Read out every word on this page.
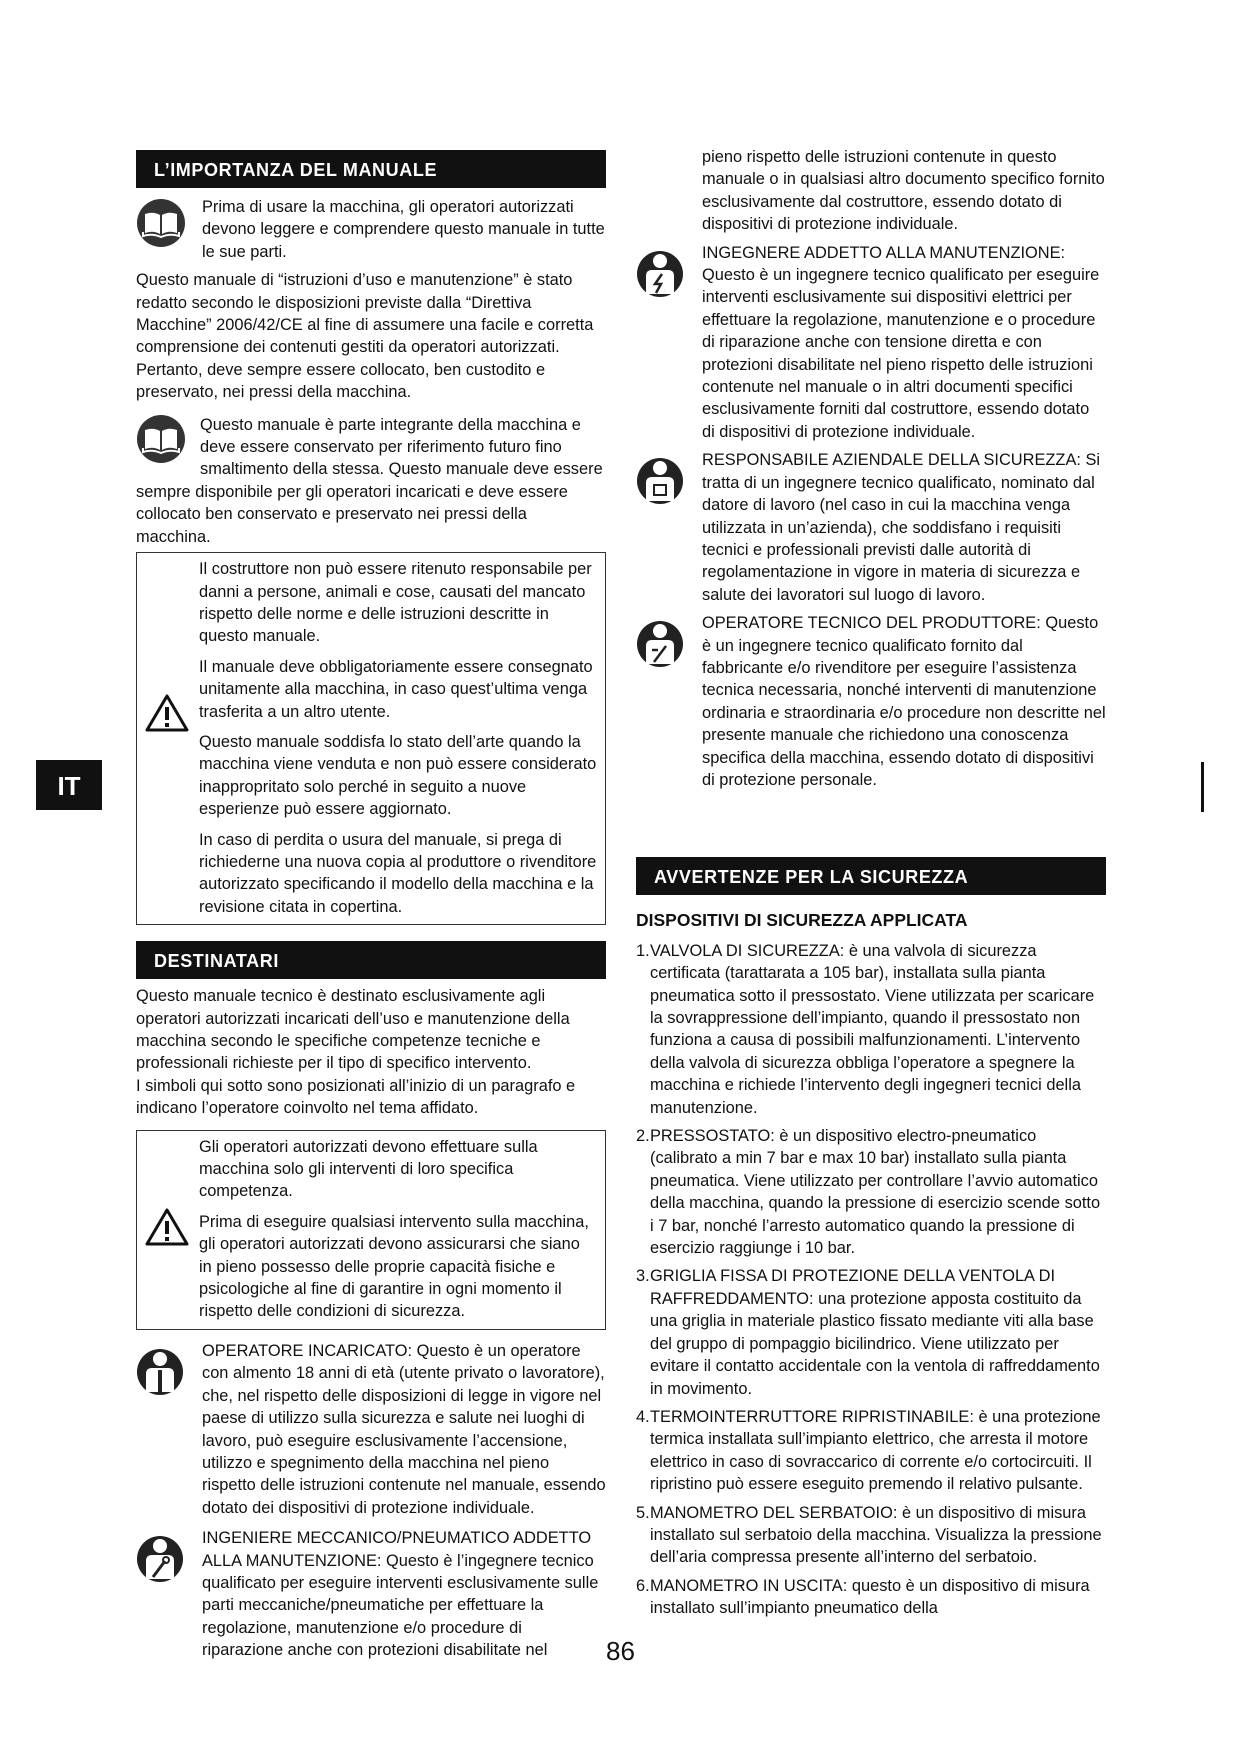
IT
L’IMPORTANZA DEL MANUALE

Prima di usare la macchina, gli operatori autorizzati devono leggere e comprendere questo manuale in tutte le sue parti.

Questo manuale di “istruzioni d’uso e manutenzione” è stato redatto secondo le disposizioni previste dalla “Direttiva Macchine” 2006/42/CE al fine di assumere una facile e corretta comprensione dei contenuti gestiti da operatori autorizzati. Pertanto, deve sempre essere collocato, ben custodito e preservato, nei pressi della macchina.

Questo manuale è parte integrante della macchina e deve essere conservato per riferimento futuro fino smaltimento della stessa. Questo manuale deve essere sempre disponibile per gli operatori incaricati e deve essere collocato ben conservato e preservato nei pressi della macchina.

Il costruttore non può essere ritenuto responsabile per danni a persone, animali e cose, causati del mancato rispetto delle norme e delle istruzioni descritte in questo manuale.

Il manuale deve obbligatoriamente essere consegnato unitamente alla macchina, in caso quest’ultima venga trasferita a un altro utente.

Questo manuale soddisfa lo stato dell’arte quando la macchina viene venduta e non può essere considerato inappropritato solo perché in seguito a nuove esperienze può essere aggiornato.

In caso di perdita o usura del manuale, si prega di richiederne una nuova copia al produttore o rivenditore autorizzato specificando il modello della macchina e la revisione citata in copertina.

DESTINATARI

Questo manuale tecnico è destinato esclusivamente agli operatori autorizzati incaricati dell’uso e manutenzione della macchina secondo le specifiche competenze tecniche e professionali richieste per il tipo di specifico intervento.

I simboli qui sotto sono posizionati all’inizio di un paragrafo e indicano l’operatore coinvolto nel tema affidato.

Gli operatori autorizzati devono effettuare sulla macchina solo gli interventi di loro specifica competenza.

Prima di eseguire qualsiasi intervento sulla macchina, gli operatori autorizzati devono assicurarsi che siano in pieno possesso delle proprie capacità fisiche e psicologiche al fine di garantire in ogni momento il rispetto delle condizioni di sicurezza.

OPERATORE INCARICATO: Questo è un operatore con almento 18 anni di età (utente privato o lavoratore), che, nel rispetto delle disposizioni di legge in vigore nel paese di utilizzo sulla sicurezza e salute nei luoghi di lavoro, può eseguire esclusivamente l’accensione, utilizzo e spegnimento della macchina nel pieno rispetto delle istruzioni contenute nel manuale, essendo dotato dei dispositivi di protezione individuale.

INGENIERE MECCANICO/PNEUMATICO ADDETTO ALLA MANUTENZIONE: Questo è l’ingegnere tecnico qualificato per eseguire interventi esclusivamente sulle parti meccaniche/pneumatiche per effettuare la regolazione, manutenzione e/o procedure di riparazione anche con protezioni disabilitate nel

pieno rispetto delle istruzioni contenute in questo manuale o in qualsiasi altro documento specifico fornito esclusivamente dal costruttore, essendo dotato di dispositivi di protezione individuale.

INGEGNERE ADDETTO ALLA MANUTENZIONE: Questo è un ingegnere tecnico qualificato per eseguire interventi esclusivamente sui dispositivi elettrici per effettuare la regolazione, manutenzione e o procedure di riparazione anche con tensione diretta e con protezioni disabilitate nel pieno rispetto delle istruzioni contenute nel manuale o in altri documenti specifici esclusivamente forniti dal costruttore, essendo dotato di dispositivi di protezione individuale.

RESPONSABILE AZIENDALE DELLA SICUREZZA: Si tratta di un ingegnere tecnico qualificato, nominato dal datore di lavoro (nel caso in cui la macchina venga utilizzata in un’azienda), che soddisfano i requisiti tecnici e professionali previsti dalle autorità di regolamentazione in vigore in materia di sicurezza e salute dei lavoratori sul luogo di lavoro.

OPERATORE TECNICO DEL PRODUTTORE: Questo è un ingegnere tecnico qualificato fornito dal fabbricante e/o rivenditore per eseguire l’assistenza tecnica necessaria, nonché interventi di manutenzione ordinaria e straordinaria e/o procedure non descritte nel presente manuale che richiedono una conoscenza specifica della macchina, essendo dotato di dispositivi di protezione personale.

AVVERTENZE PER LA SICUREZZA
DISPOSITIVI DI SICUREZZA APPLICATA
1. VALVOLA DI SICUREZZA: è una valvola di sicurezza certificata (tarattarata a 105 bar), installata sulla pianta pneumatica sotto il pressostato. Viene utilizzata per scaricare la sovrappressione dell’impianto, quando il pressostato non funziona a causa di possibili malfunzionamenti. L’intervento della valvola di sicurezza obbliga l’operatore a spegnere la macchina e richiede l’intervento degli ingegneri tecnici della manutenzione.

2. PRESSOSTATO: è un dispositivo electro-pneumatico (calibrato a min 7 bar e max 10 bar) installato sulla pianta pneumatica. Viene utilizzato per controllare l’avvio automatico della macchina, quando la pressione di esercizio scende sotto i 7 bar, nonché l’arresto automatico quando la pressione di esercizio raggiunge i 10 bar.

3. GRIGLIA FISSA DI PROTEZIONE DELLA VENTOLA DI RAFFREDDAMENTO: una protezione apposta costituito da una griglia in materiale plastico fissato mediante viti alla base del gruppo di pompaggio bicilindrico. Viene utilizzato per evitare il contatto accidentale con la ventola di raffreddamento in movimento.

4. TERMOINTERRUTTORE RIPRISTINABILE: è una protezione termica installata sull’impianto elettrico, che arresta il motore elettrico in caso di sovraccarico di corrente e/o cortocircuiti. Il ripristino può essere eseguito premendo il relativo pulsante.

5. MANOMETRO DEL SERBATOIO: è un dispositivo di misura installato sul serbatoio della macchina. Visualizza la pressione dell’aria compressa presente all’interno del serbatoio.

6. MANOMETRO IN USCITA: questo è un dispositivo di misura installato sull’impianto pneumatico della

86
